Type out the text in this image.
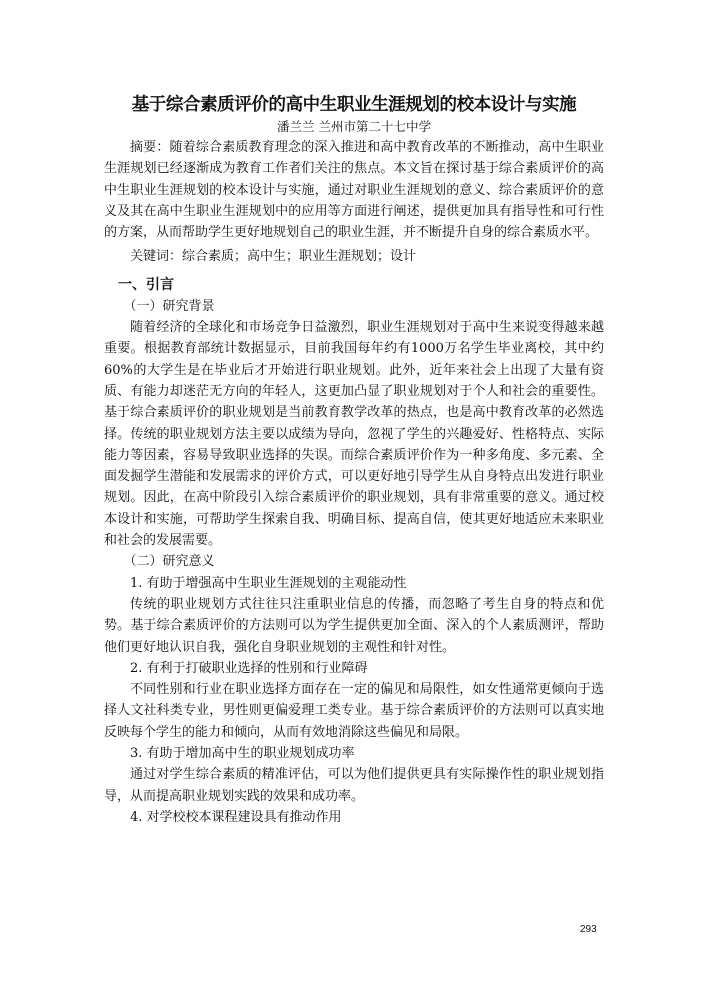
基于综合素质评价的高中生职业生涯规划的校本设计与实施
潘兰兰 兰州市第二十七中学

摘要：随着综合素质教育理念的深入推进和高中教育改革的不断推动，高中生职业生涯规划已经逐渐成为教育工作者们关注的焦点。本文旨在探讨基于综合素质评价的高中生职业生涯规划的校本设计与实施，通过对职业生涯规划的意义、综合素质评价的意义及其在高中生职业生涯规划中的应用等方面进行阐述，提供更加具有指导性和可行性的方案，从而帮助学生更好地规划自己的职业生涯，并不断提升自身的综合素质水平。

关键词：综合素质；高中生；职业生涯规划；设计

一、引言
（一）研究背景

随着经济的全球化和市场竞争日益激烈，职业生涯规划对于高中生来说变得越来越重要。根据教育部统计数据显示，目前我国每年约有1000万名学生毕业离校，其中约60%的大学生是在毕业后才开始进行职业规划。此外，近年来社会上出现了大量有资质、有能力却迷茫无方向的年轻人，这更加凸显了职业规划对于个人和社会的重要性。 基于综合素质评价的职业规划是当前教育教学改革的热点，也是高中教育改革的必然选择。传统的职业规划方法主要以成绩为导向，忽视了学生的兴趣爱好、性格特点、实际能力等因素，容易导致职业选择的失误。而综合素质评价作为一种多角度、多元素、全面发掘学生潜能和发展需求的评价方式，可以更好地引导学生从自身特点出发进行职业规划。因此，在高中阶段引入综合素质评价的职业规划，具有非常重要的意义。通过校本设计和实施，可帮助学生探索自我、明确目标、提高自信，使其更好地适应未来职业和社会的发展需要。

（二）研究意义
1. 有助于增强高中生职业生涯规划的主观能动性

传统的职业规划方式往往只注重职业信息的传播，而忽略了考生自身的特点和优势。基于综合素质评价的方法则可以为学生提供更加全面、深入的个人素质测评，帮助他们更好地认识自我，强化自身职业规划的主观性和针对性。

2. 有利于打破职业选择的性别和行业障碍

不同性别和行业在职业选择方面存在一定的偏见和局限性，如女性通常更倾向于选择人文社科类专业，男性则更偏爱理工类专业。基于综合素质评价的方法则可以真实地反映每个学生的能力和倾向，从而有效地消除这些偏见和局限。

3. 有助于增加高中生的职业规划成功率

通过对学生综合素质的精准评估，可以为他们提供更具有实际操作性的职业规划指导，从而提高职业规划实践的效果和成功率。

4. 对学校校本课程建设具有推动作用
293
